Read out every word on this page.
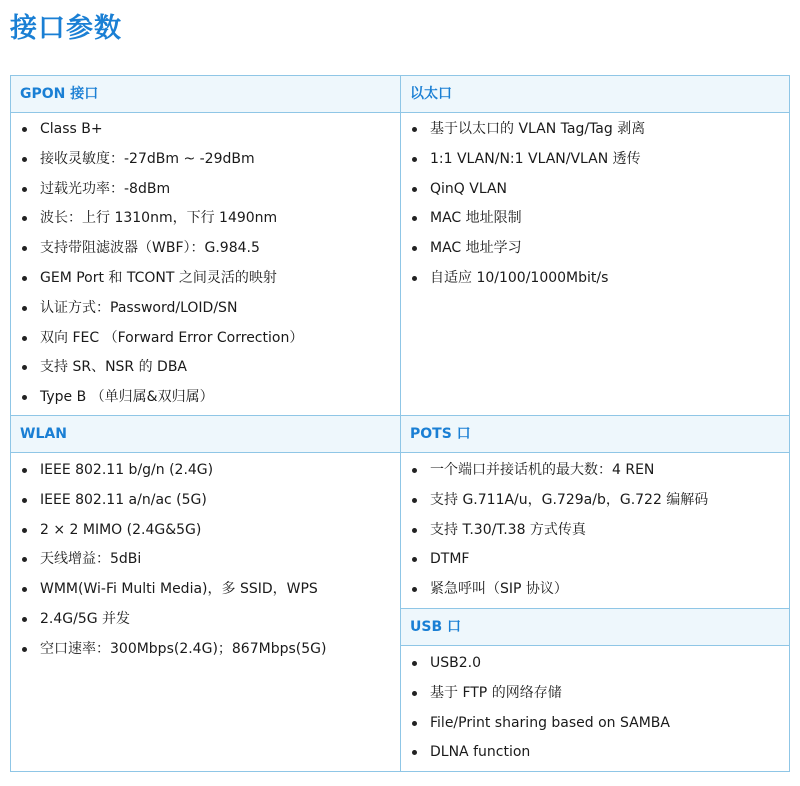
接口参数
GPON 接口
Class B+
接收灵敏度：-27dBm ~ -29dBm
过载光功率：-8dBm
波长：上行 1310nm，下行 1490nm
支持带阻滤波器（WBF）：G.984.5
GEM Port 和 TCONT 之间灵活的映射
认证方式：Password/LOID/SN
双向 FEC （Forward Error Correction）
支持 SR、NSR 的 DBA
Type B （单归属&双归属）
以太口
基于以太口的 VLAN Tag/Tag 剥离
1:1 VLAN/N:1 VLAN/VLAN 透传
QinQ VLAN
MAC 地址限制
MAC 地址学习
自适应 10/100/1000Mbit/s
WLAN
IEEE 802.11 b/g/n (2.4G)
IEEE 802.11 a/n/ac (5G)
2 × 2 MIMO (2.4G&5G)
天线增益：5dBi
WMM(Wi-Fi Multi Media)，多 SSID，WPS
2.4G/5G 并发
空口速率：300Mbps(2.4G)；867Mbps(5G)
POTS 口
一个端口并接话机的最大数：4 REN
支持 G.711A/u，G.729a/b，G.722 编解码
支持 T.30/T.38 方式传真
DTMF
紧急呼叫（SIP 协议）
USB 口
USB2.0
基于 FTP 的网络存储
File/Print sharing based on SAMBA
DLNA function
